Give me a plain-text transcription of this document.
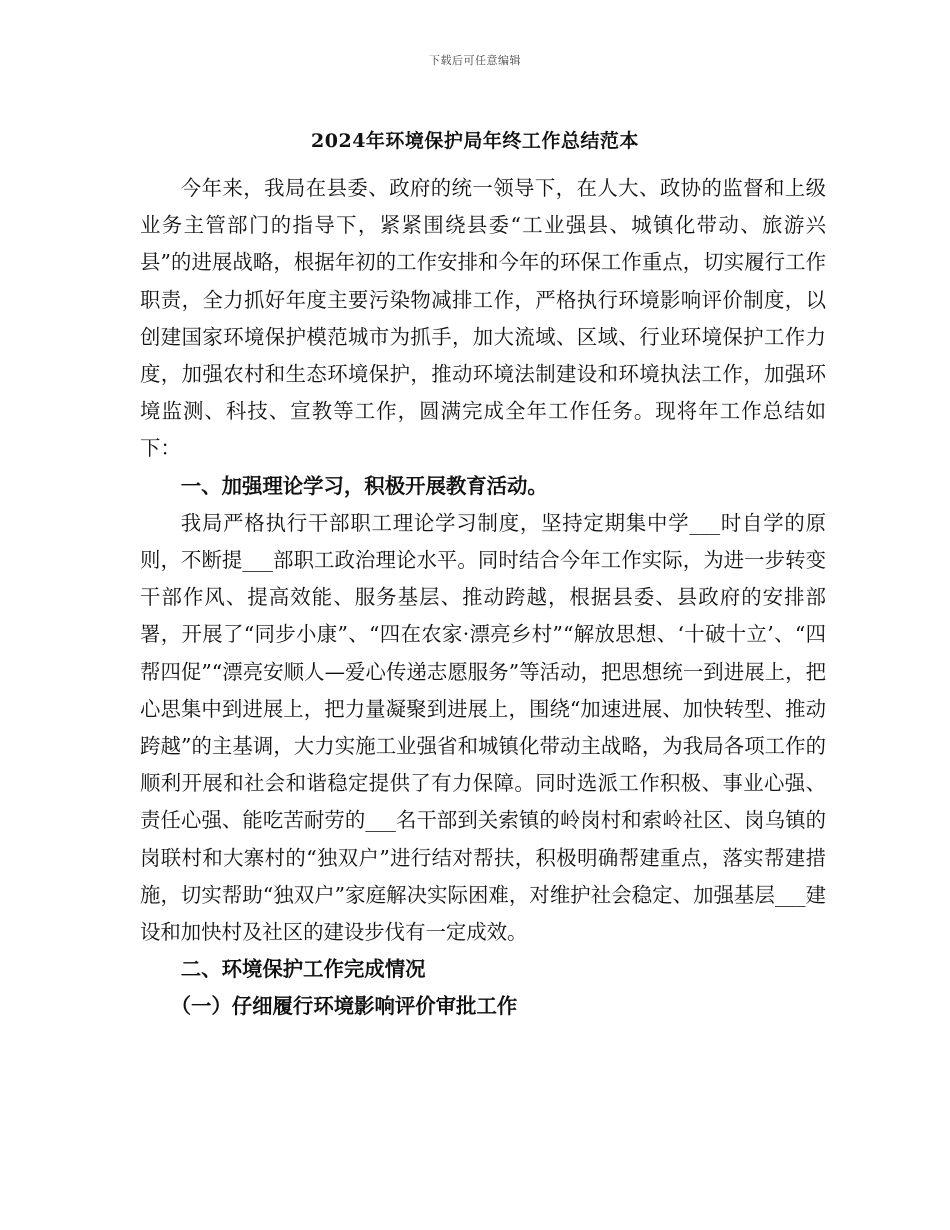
下载后可任意编辑
2024年环境保护局年终工作总结范本

今年来，我局在县委、政府的统一领导下，在人大、政协的监督和上级业务主管部门的指导下，紧紧围绕县委“工业强县、城镇化带动、旅游兴县”的进展战略，根据年初的工作安排和今年的环保工作重点，切实履行工作职责，全力抓好年度主要污染物减排工作，严格执行环境影响评价制度，以创建国家环境保护模范城市为抓手，加大流域、区域、行业环境保护工作力度，加强农村和生态环境保护，推动环境法制建设和环境执法工作，加强环境监测、科技、宣教等工作，圆满完成全年工作任务。现将年工作总结如下：

一、加强理论学习，积极开展教育活动。

我局严格执行干部职工理论学习制度，坚持定期集中学___时自学的原则，不断提___部职工政治理论水平。同时结合今年工作实际，为进一步转变干部作风、提高效能、服务基层、推动跨越，根据县委、县政府的安排部署，开展了“同步小康”、“四在农家·漂亮乡村”“解放思想、‘十破十立’、“四帮四促”“漂亮安顺人—爱心传递志愿服务”等活动，把思想统一到进展上，把心思集中到进展上，把力量凝聚到进展上，围绕“加速进展、加快转型、推动跨越”的主基调，大力实施工业强省和城镇化带动主战略，为我局各项工作的顺利开展和社会和谐稳定提供了有力保障。同时选派工作积极、事业心强、责任心强、能吃苦耐劳的___名干部到关索镇的岭岗村和索岭社区、岗乌镇的岗联村和大寨村的“独双户”进行结对帮扶，积极明确帮建重点，落实帮建措施，切实帮助“独双户”家庭解决实际困难，对维护社会稳定、加强基层___建设和加快村及社区的建设步伐有一定成效。

二、环境保护工作完成情况

（一）仔细履行环境影响评价审批工作
